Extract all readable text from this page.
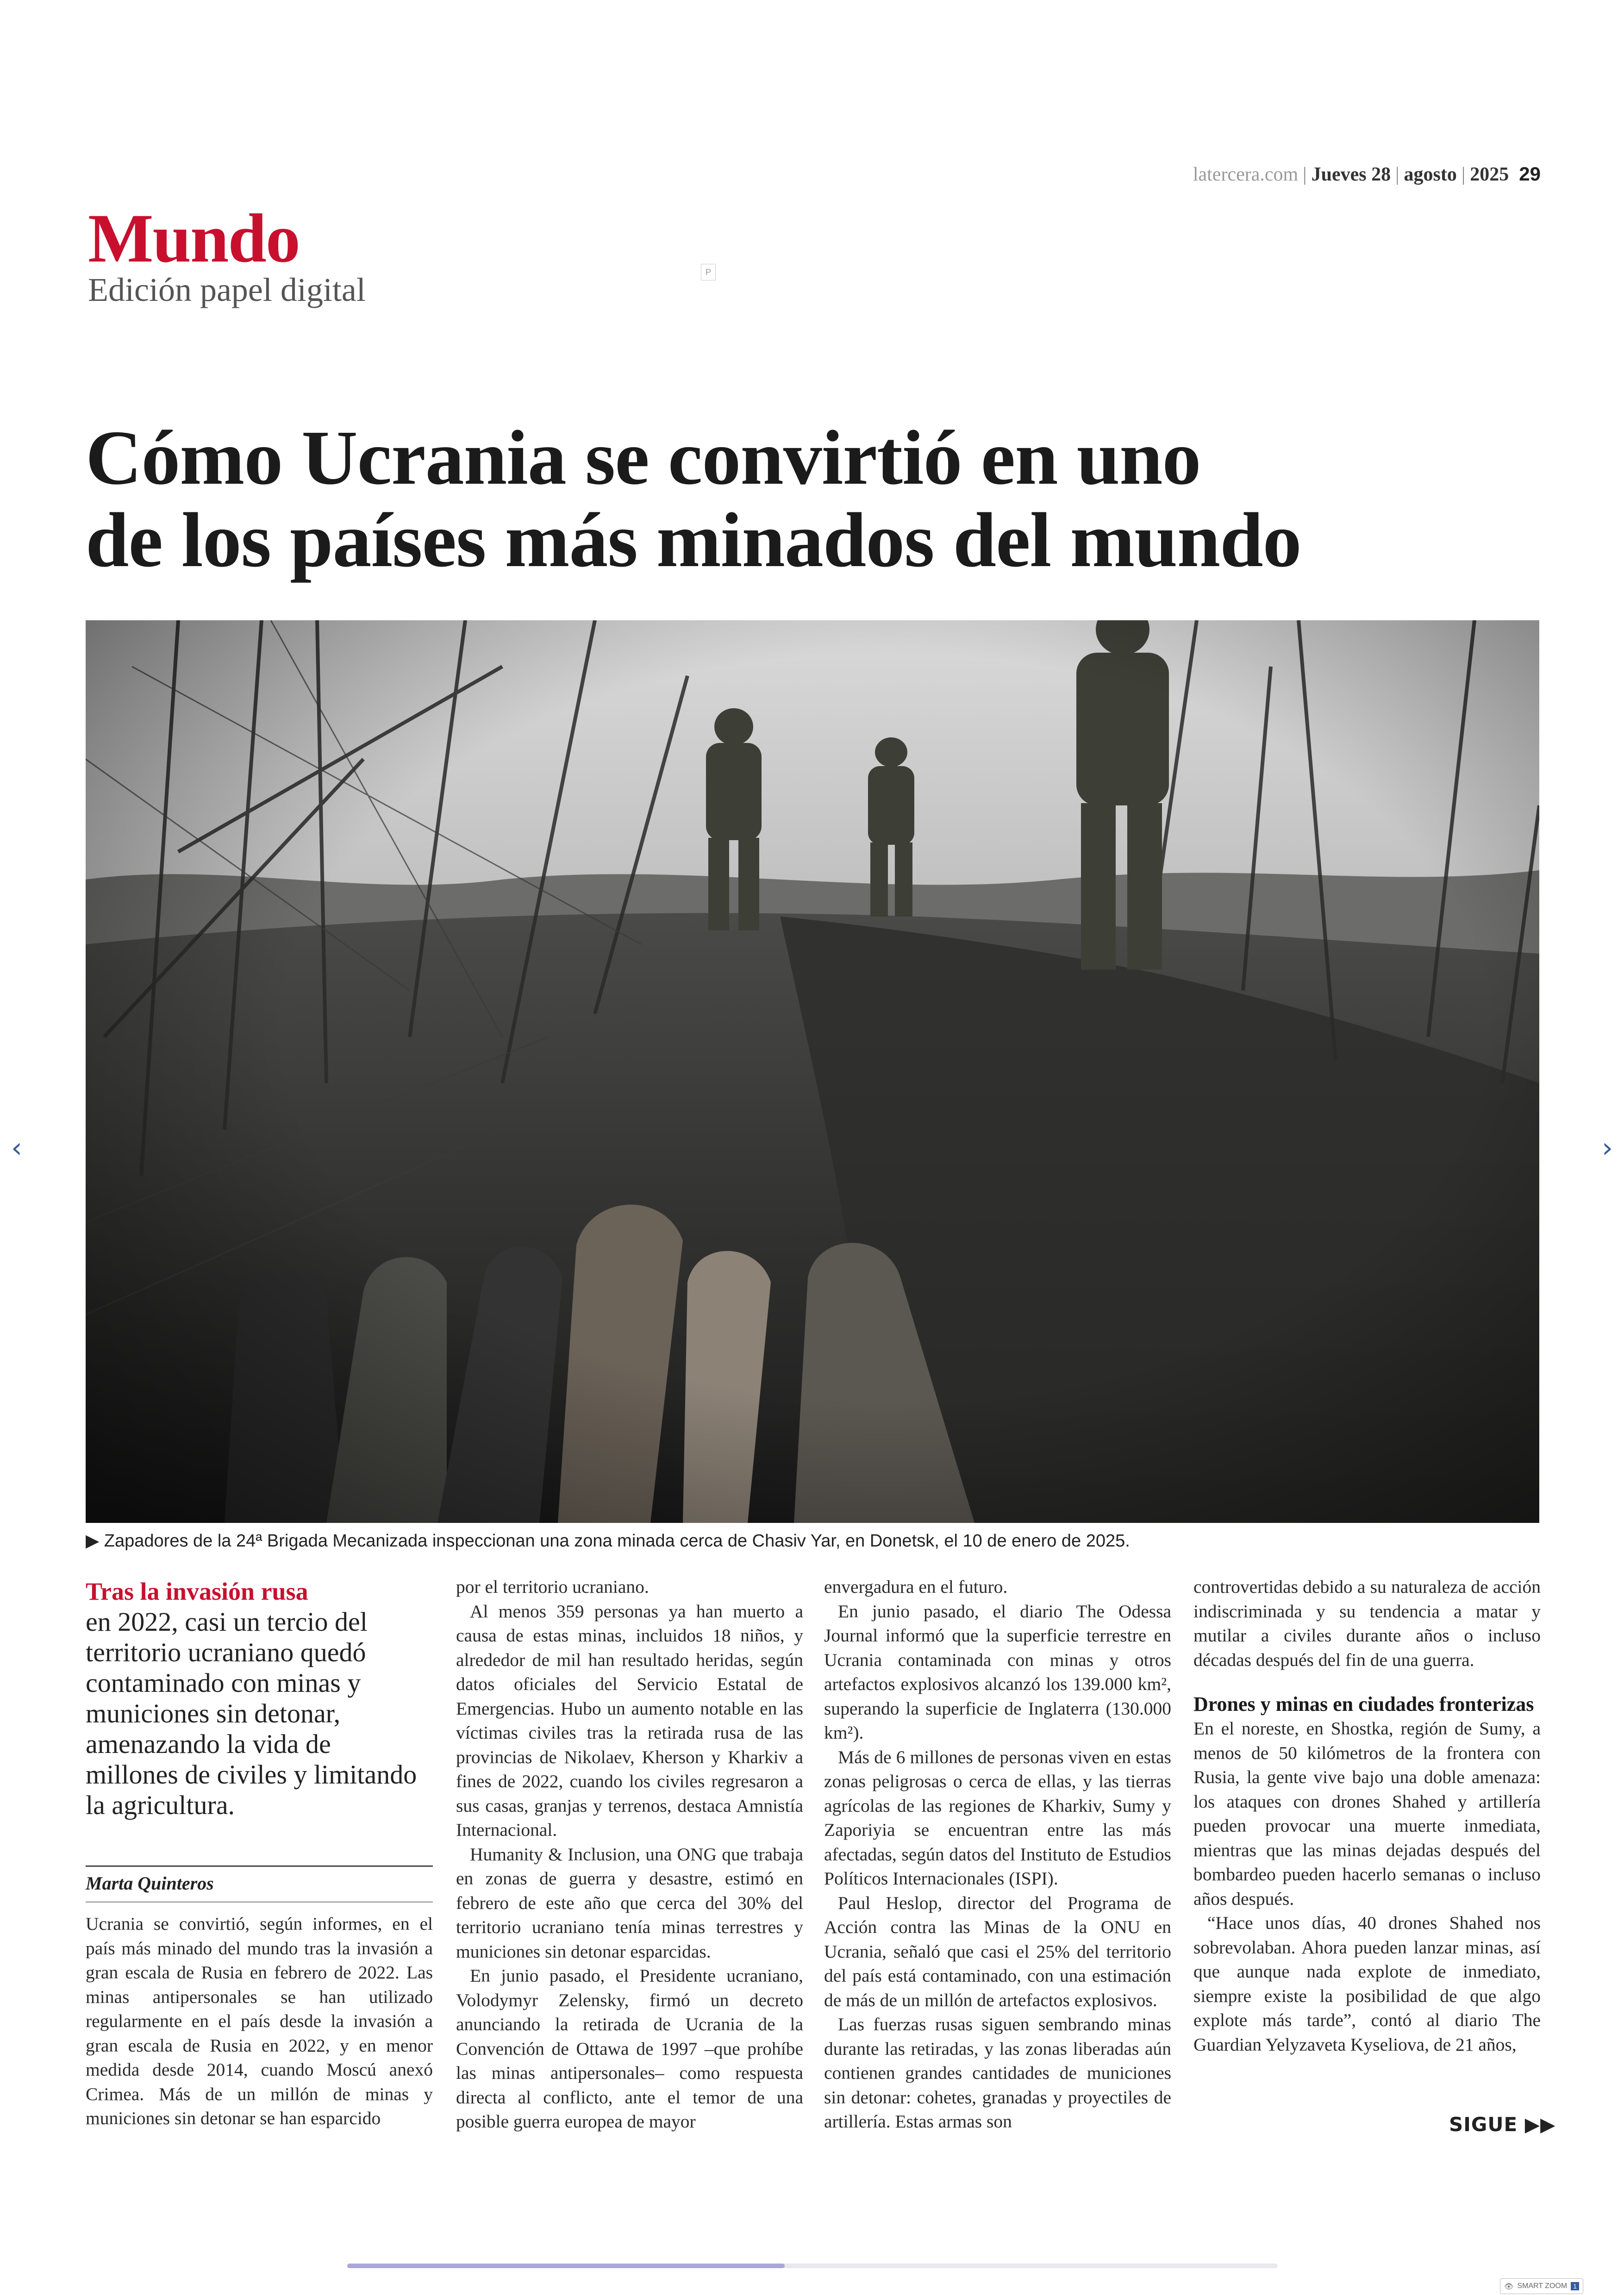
latercera.com | Jueves 28 | agosto | 2025 29
Mundo
Edición papel digital	P
Cómo Ucrania se convirtió en uno
de los países más minados del mundo
▶ Zapadores de la 24ª Brigada Mecanizada inspeccionan una zona minada cerca de Chasiv Yar, en Donetsk, el 10 de enero de 2025.
‹	›
Tras la invasión rusa
en 2022, casi un tercio del territorio ucraniano quedó contaminado con minas y municiones sin detonar, amenazando la vida de millones de civiles y limitando la agricultura.
Marta Quinteros

Ucrania se convirtió, según informes, en el país más minado del mundo tras la invasión a gran escala de Rusia en febrero de 2022. Las minas antipersonales se han utilizado regularmente en el país desde la invasión a gran escala de Rusia en 2022, y en menor medida desde 2014, cuando Moscú anexó Crimea. Más de un millón de minas y municiones sin detonar se han esparcido

por el territorio ucraniano.

Al menos 359 personas ya han muerto a causa de estas minas, incluidos 18 niños, y alrededor de mil han resultado heridas, según datos oficiales del Servicio Estatal de Emergencias. Hubo un aumento notable en las víctimas civiles tras la retirada rusa de las provincias de Nikolaev, Kherson y Kharkiv a fines de 2022, cuando los civiles regresaron a sus casas, granjas y terrenos, destaca Amnistía Internacional.

Humanity & Inclusion, una ONG que trabaja en zonas de guerra y desastre, estimó en febrero de este año que cerca del 30% del territorio ucraniano tenía minas terrestres y municiones sin detonar esparcidas.

En junio pasado, el Presidente ucraniano, Volodymyr Zelensky, firmó un decreto anunciando la retirada de Ucrania de la Convención de Ottawa de 1997 –que prohíbe las minas antipersonales– como respuesta directa al conflicto, ante el temor de una posible guerra europea de mayor

envergadura en el futuro.

En junio pasado, el diario The Odessa Journal informó que la superficie terrestre en Ucrania contaminada con minas y otros artefactos explosivos alcanzó los 139.000 km², superando la superficie de Inglaterra (130.000 km²).

Más de 6 millones de personas viven en estas zonas peligrosas o cerca de ellas, y las tierras agrícolas de las regiones de Kharkiv, Sumy y Zaporiyia se encuentran entre las más afectadas, según datos del Instituto de Estudios Políticos Internacionales (ISPI).

Paul Heslop, director del Programa de Acción contra las Minas de la ONU en Ucrania, señaló que casi el 25% del territorio del país está contaminado, con una estimación de más de un millón de artefactos explosivos.

Las fuerzas rusas siguen sembrando minas durante las retiradas, y las zonas liberadas aún contienen grandes cantidades de municiones sin detonar: cohetes, granadas y proyectiles de artillería. Estas armas son

controvertidas debido a su naturaleza de acción indiscriminada y su tendencia a matar y mutilar a civiles durante años o incluso décadas después del fin de una guerra.

Drones y minas en ciudades fronterizas

En el noreste, en Shostka, región de Sumy, a menos de 50 kilómetros de la frontera con Rusia, la gente vive bajo una doble amenaza: los ataques con drones Shahed y artillería pueden provocar una muerte inmediata, mientras que las minas dejadas después del bombardeo pueden hacerlo semanas o incluso años después.

“Hace unos días, 40 drones Shahed nos sobrevolaban. Ahora pueden lanzar minas, así que aunque nada explote de inmediato, siempre existe la posibilidad de que algo explote más tarde”, contó al diario The Guardian Yelyzaveta Kyseliova, de 21 años,

SIGUE ▶▶
👁 SMART ZOOM 1
